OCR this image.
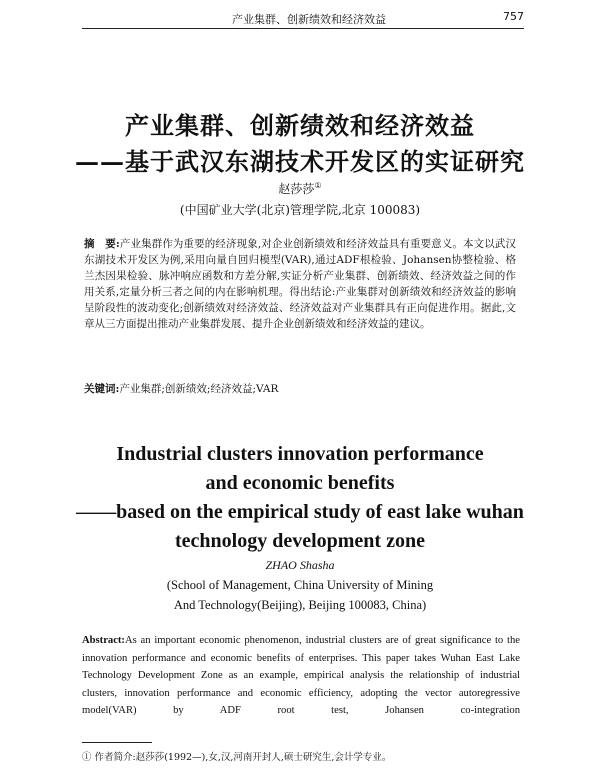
产业集群、创新绩效和经济效益	757
产业集群、创新绩效和经济效益
——基于武汉东湖技术开发区的实证研究
赵莎莎①
(中国矿业大学(北京)管理学院,北京 100083)
摘　要:产业集群作为重要的经济现象,对企业创新绩效和经济效益具有重要意义。本文以武汉东湖技术开发区为例,采用向量自回归模型(VAR),通过ADF根检验、Johansen协整检验、格兰杰因果检验、脉冲响应函数和方差分解,实证分析产业集群、创新绩效、经济效益之间的作用关系,定量分析三者之间的内在影响机理。得出结论:产业集群对创新绩效和经济效益的影响呈阶段性的波动变化;创新绩效对经济效益、经济效益对产业集群具有正向促进作用。据此,文章从三方面提出推动产业集群发展、提升企业创新绩效和经济效益的建议。
关键词:产业集群;创新绩效;经济效益;VAR
Industrial clusters innovation performance
and economic benefits
——based on the empirical study of east lake wuhan
technology development zone
ZHAO Shasha
(School of Management, China University of Mining
And Technology(Beijing), Beijing 100083, China)
Abstract:As an important economic phenomenon, industrial clusters are of great significance to the innovation performance and economic benefits of enterprises. This paper takes Wuhan East Lake Technology Development Zone as an example, empirical analysis the relationship of industrial clusters, innovation performance and economic efficiency, adopting the vector autoregressive model(VAR) by ADF root test, Johansen co-integration
① 作者简介:赵莎莎(1992—),女,汉,河南开封人,硕士研究生,会计学专业。
